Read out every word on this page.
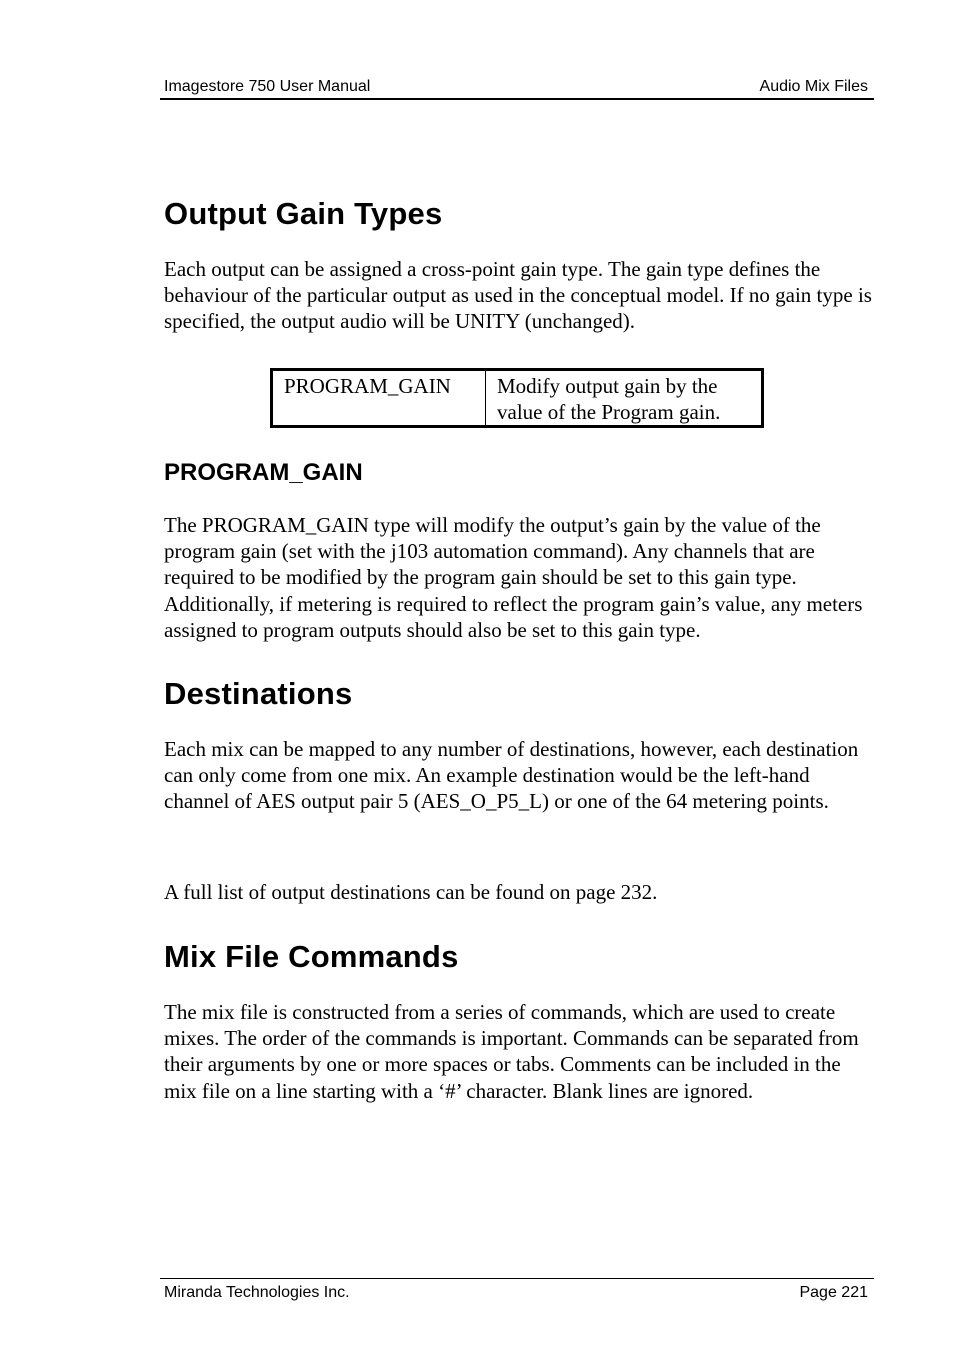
Imagestore 750 User Manual	Audio Mix Files
Output Gain Types

Each output can be assigned a cross-point gain type. The gain type defines the behaviour of the particular output as used in the conceptual model. If no gain type is specified, the output audio will be UNITY (unchanged).

PROGRAM_GAIN	Modify output gain by the value of the Program gain.
PROGRAM_GAIN

The PROGRAM_GAIN type will modify the output’s gain by the value of the program gain (set with the j103 automation command). Any channels that are required to be modified by the program gain should be set to this gain type. Additionally, if metering is required to reflect the program gain’s value, any meters assigned to program outputs should also be set to this gain type.

Destinations

Each mix can be mapped to any number of destinations, however, each destination can only come from one mix. An example destination would be the left-hand channel of AES output pair 5 (AES_O_P5_L) or one of the 64 metering points.

A full list of output destinations can be found on page 232.

Mix File Commands

The mix file is constructed from a series of commands, which are used to create mixes. The order of the commands is important. Commands can be separated from their arguments by one or more spaces or tabs. Comments can be included in the mix file on a line starting with a ‘#’ character. Blank lines are ignored.

Miranda Technologies Inc.	Page 221
